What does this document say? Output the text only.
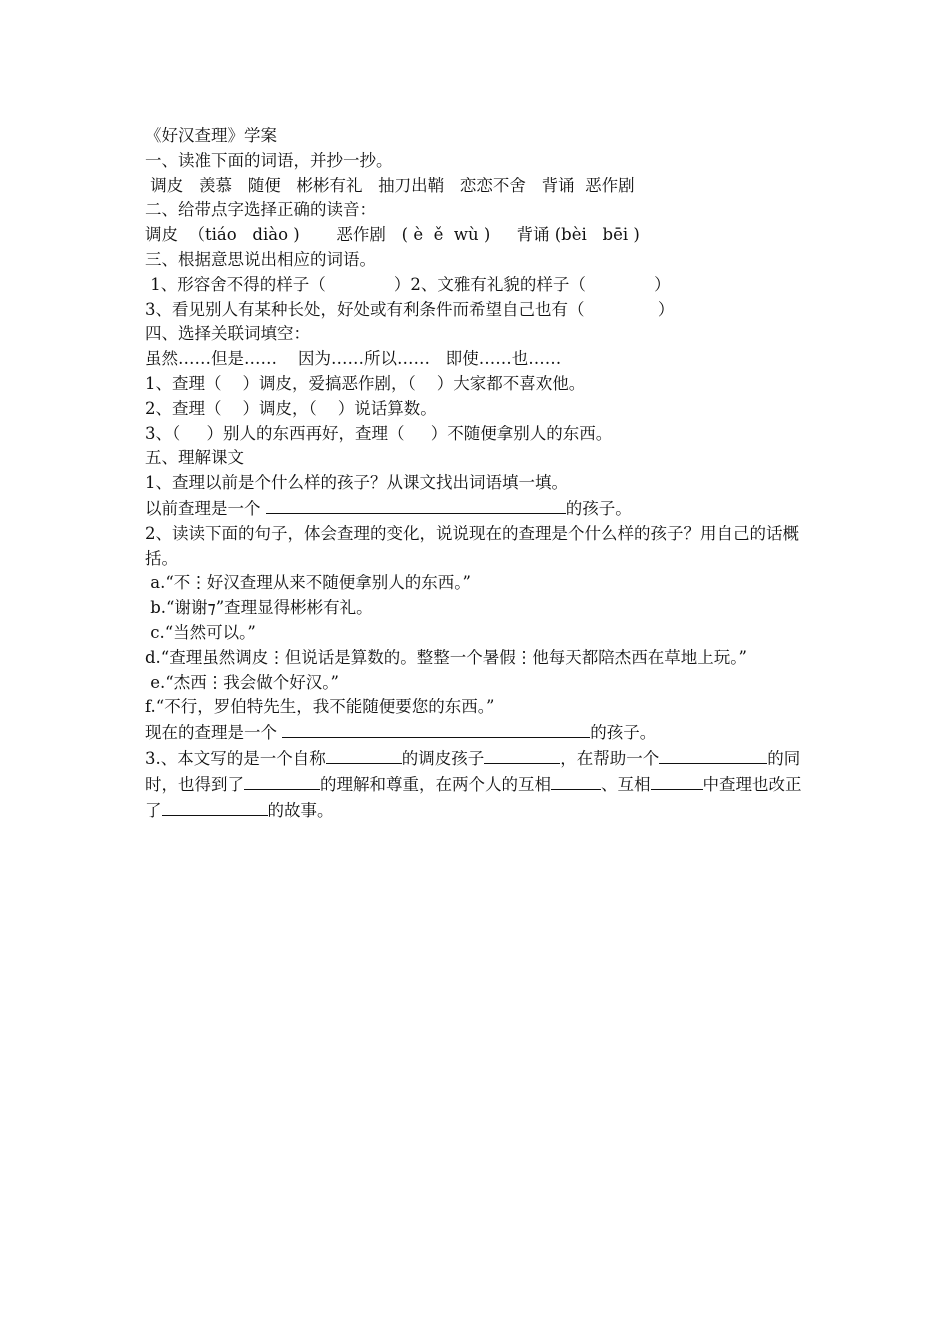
《好汉查理》学案
一、读准下面的词语，并抄一抄。
调皮   羡慕   随便   彬彬有礼   抽刀出鞘   恋恋不舍   背诵  恶作剧
二、给带点字选择正确的读音：
调皮  （tiáo   diào )       恶作剧   ( è  ě  wù )     背诵 (bèi   bēi )
三、根据意思说出相应的词语。
1、形容舍不得的样子（             ）2、文雅有礼貌的样子（             ）
3、看见别人有某种长处，好处或有利条件而希望自己也有（              ）
四、选择关联词填空：
虽然……但是……    因为……所以……   即使……也……
1、查理（    ）调皮，爱搞恶作剧，（    ）大家都不喜欢他。
2、查理（    ）调皮，（    ）说话算数。
3、（     ）别人的东西再好，查理（     ）不随便拿别人的东西。
五、理解课文
1、查理以前是个什么样的孩子？从课文找出词语填一填。
以前查理是一个	的孩子。
2、读读下面的句子，体会查理的变化，说说现在的查理是个什么样的孩子？用自己的话概括。
a.“不⋮好汉查理从来不随便拿别人的东西。”
b.“谢谢⁊”查理显得彬彬有礼。
c.“当然可以。”
d.“查理虽然调皮⋮但说话是算数的。整整一个暑假⋮他每天都陪杰西在草地上玩。”
e.“杰西⋮我会做个好汉。”
f.“不行，罗伯特先生，我不能随便要您的东西。”
现在的查理是一个	的孩子。
3.、本文写的是一个自称	的调皮孩子	，在帮助一个	的同时，也得到了	的理解和尊重，在两个人的互相	、互相	中查理也改正了	的故事。
